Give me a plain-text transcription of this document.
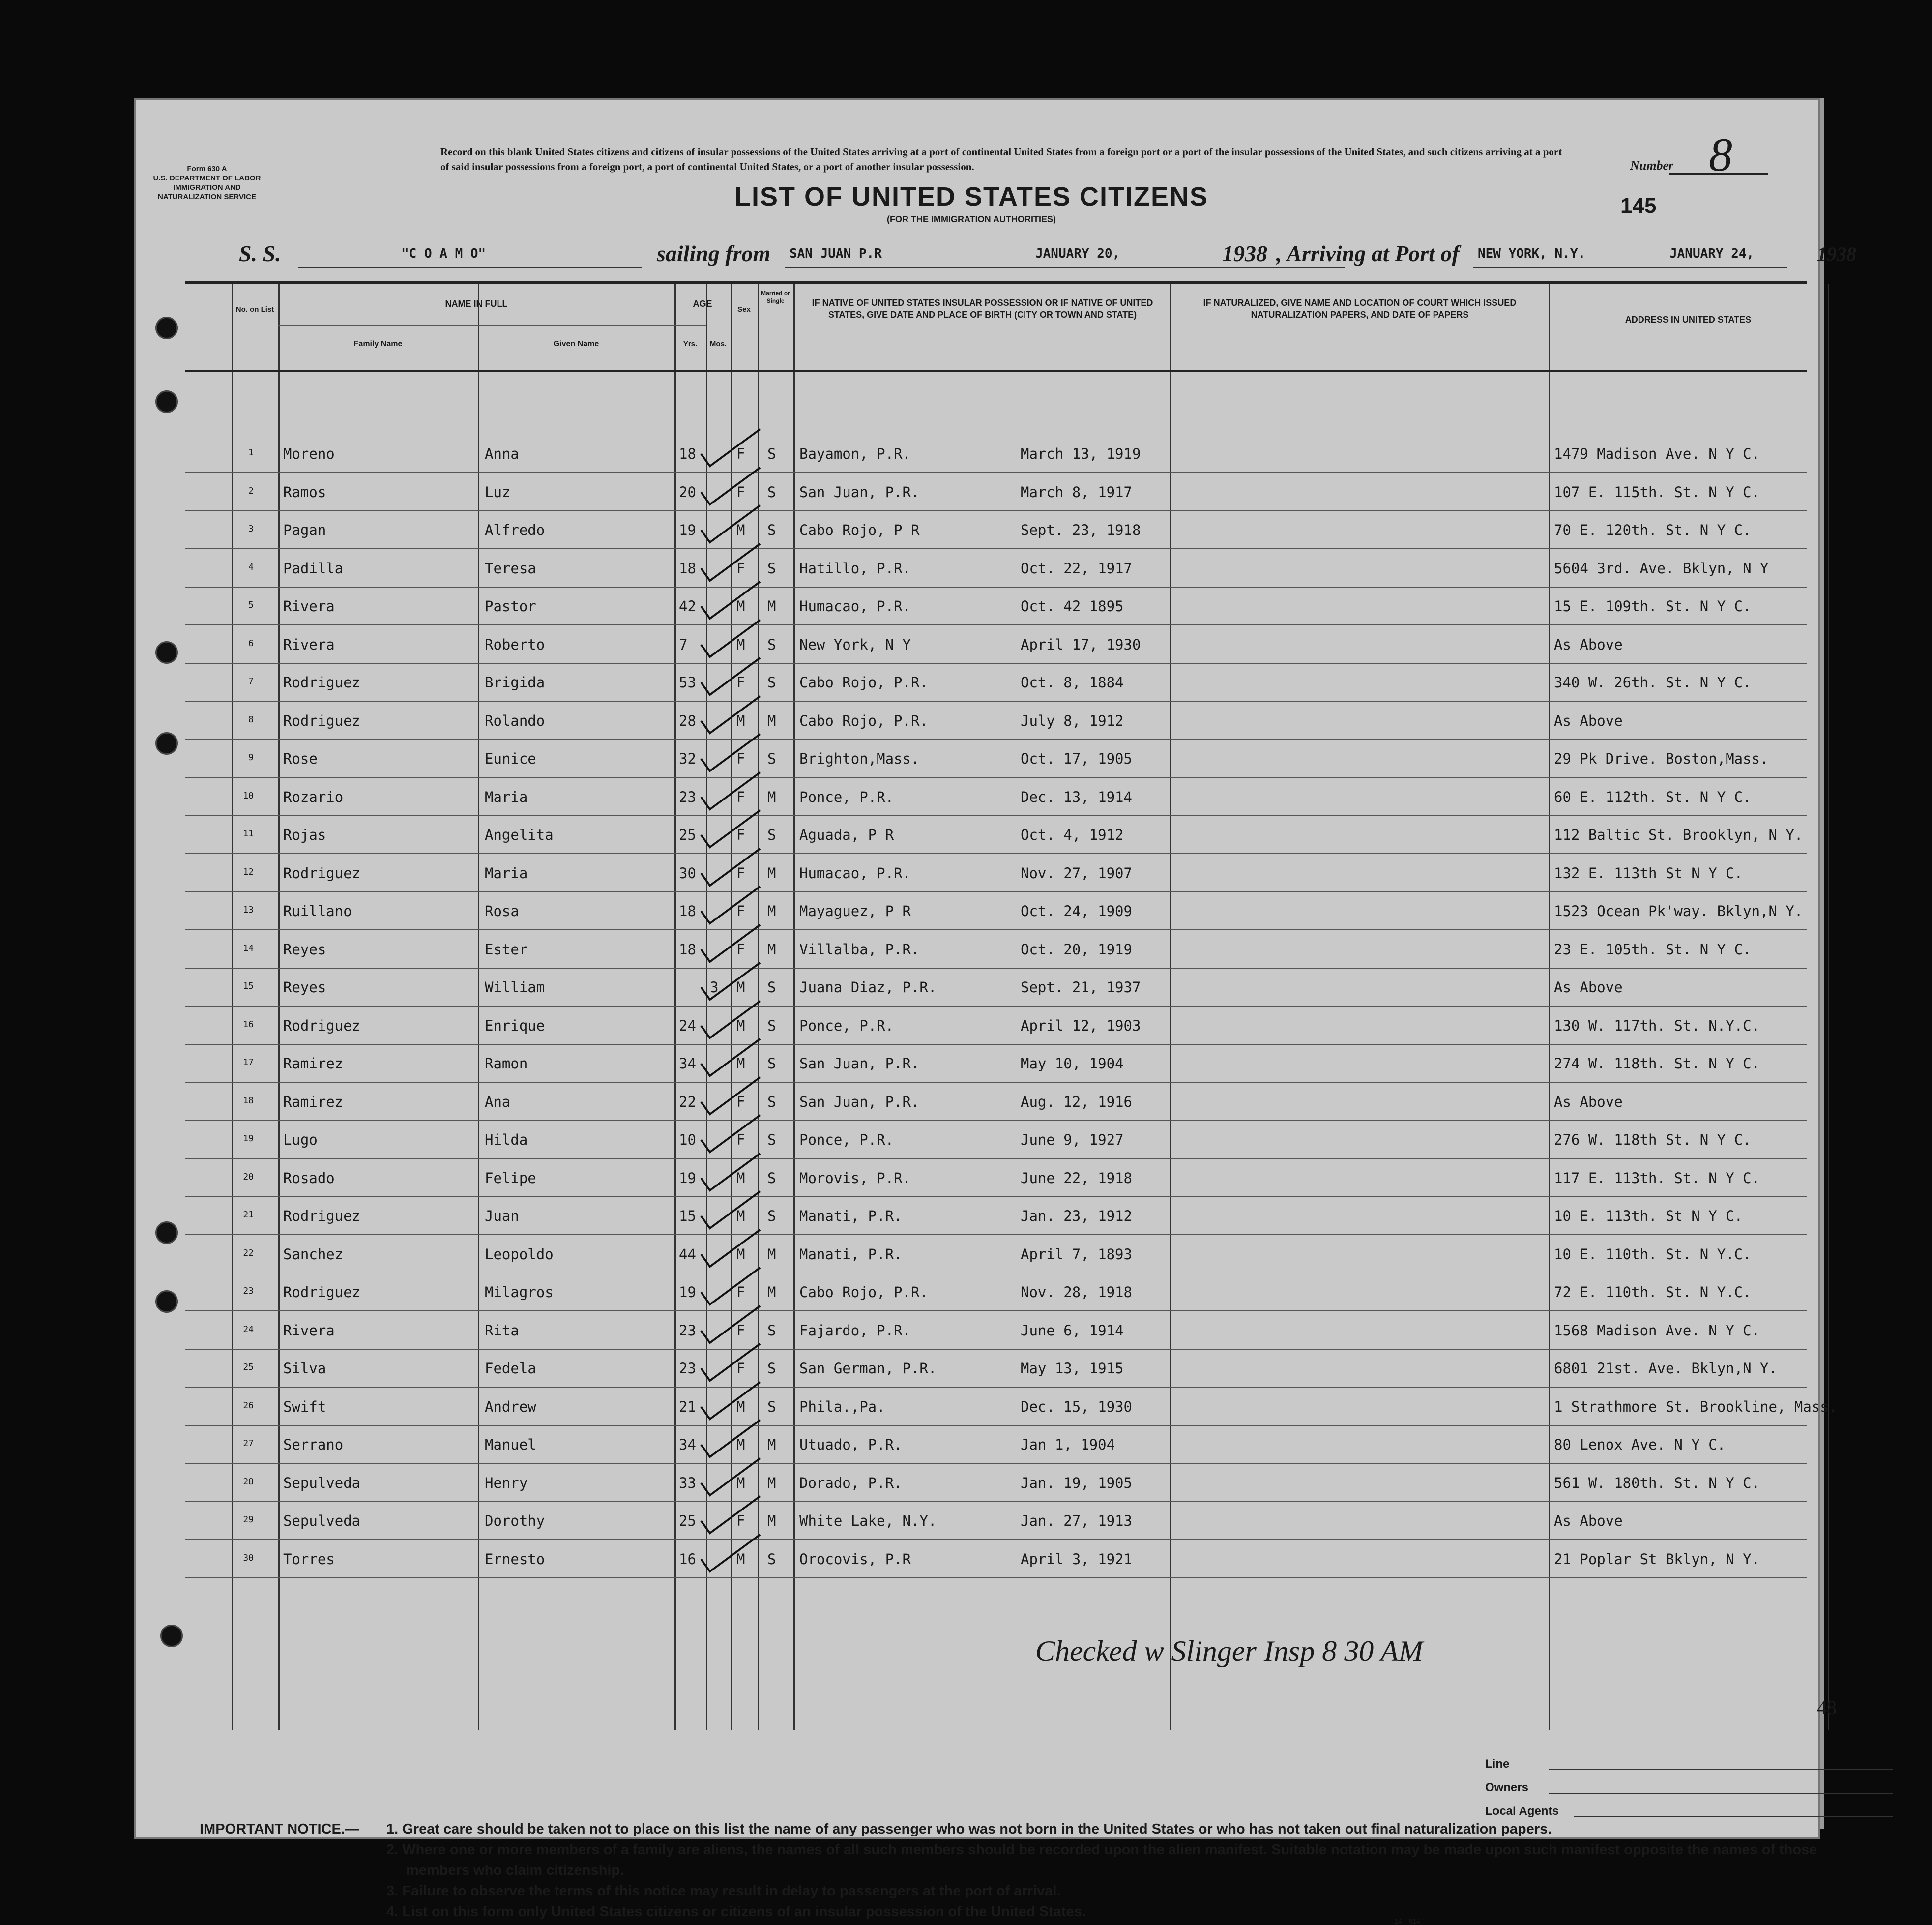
Form 630 A
U.S. DEPARTMENT OF LABOR
IMMIGRATION AND
NATURALIZATION SERVICE
Record on this blank United States citizens and citizens of insular possessions of the United States arriving at a port of continental United States from a foreign port or a port of the insular possessions of the United States, and such citizens arriving at a port of said insular possessions from a foreign port, a port of continental United States, or a port of another insular possession.	Number 8
LIST OF UNITED STATES CITIZENS
(FOR THE IMMIGRATION AUTHORITIES)
145
S. S.	"C O A M O"	sailing from SAN JUAN P.R	JANUARY 20,	1938 , Arriving at Port of NEW YORK, N.Y.	JANUARY 24,	1938
No. on List
NAME IN FULL
Family Name	Given Name
AGE
Yrs.	Mos.
Sex
Married or Single	IF NATIVE OF UNITED STATES INSULAR POSSESSION OR IF NATIVE OF UNITED STATES, GIVE DATE AND PLACE OF BIRTH (CITY OR TOWN AND STATE)
IF NATURALIZED, GIVE NAME AND LOCATION OF COURT WHICH ISSUED NATURALIZATION PAPERS, AND DATE OF PAPERS	ADDRESS IN UNITED STATES
1 Moreno	Anna	18	F S Bayamon, P.R.	March 13, 1919	1479 Madison Ave. N Y C.
2 Ramos	Luz	20	F S San Juan, P.R.	March 8, 1917	107 E. 115th. St. N Y C.
3 Pagan	Alfredo	19	M S Cabo Rojo, P R	Sept. 23, 1918	70 E. 120th. St. N Y C.
4 Padilla	Teresa	18	F S Hatillo, P.R.	Oct. 22, 1917	5604 3rd. Ave. Bklyn, N Y
5 Rivera	Pastor	42	M M Humacao, P.R.	Oct. 42 1895	15 E. 109th. St. N Y C.
6 Rivera	Roberto	7	M S New York, N Y	April 17, 1930	As Above
7 Rodriguez	Brigida	53	F S Cabo Rojo, P.R.	Oct. 8, 1884	340 W. 26th. St. N Y C.
8 Rodriguez	Rolando	28	M M Cabo Rojo, P.R.	July 8, 1912	As Above
9 Rose	Eunice	32	F S Brighton,Mass.	Oct. 17, 1905	29 Pk Drive. Boston,Mass.
10 Rozario	Maria	23	F M Ponce, P.R.	Dec. 13, 1914	60 E. 112th. St. N Y C.
11 Rojas	Angelita	25	F S Aguada, P R	Oct. 4, 1912	112 Baltic St. Brooklyn, N Y.
12 Rodriguez	Maria	30	F M Humacao, P.R.	Nov. 27, 1907	132 E. 113th St N Y C.
13 Ruillano	Rosa	18	F M Mayaguez, P R	Oct. 24, 1909	1523 Ocean Pk'way. Bklyn,N Y.
14 Reyes	Ester	18	F M Villalba, P.R.	Oct. 20, 1919	23 E. 105th. St. N Y C.
15 Reyes	William	3 M S Juana Diaz, P.R.	Sept. 21, 1937	As Above
16 Rodriguez	Enrique	24	M S Ponce, P.R.	April 12, 1903	130 W. 117th. St. N.Y.C.
17 Ramirez	Ramon	34	M S San Juan, P.R.	May 10, 1904	274 W. 118th. St. N Y C.
18 Ramirez	Ana	22	F S San Juan, P.R.	Aug. 12, 1916	As Above
19 Lugo	Hilda	10	F S Ponce, P.R.	June 9, 1927	276 W. 118th St. N Y C.
20 Rosado	Felipe	19	M S Morovis, P.R.	June 22, 1918	117 E. 113th. St. N Y C.
21 Rodriguez	Juan	15	M S Manati, P.R.	Jan. 23, 1912	10 E. 113th. St N Y C.
22 Sanchez	Leopoldo	44	M M Manati, P.R.	April 7, 1893	10 E. 110th. St. N Y.C.
23 Rodriguez	Milagros	19	F M Cabo Rojo, P.R.	Nov. 28, 1918	72 E. 110th. St. N Y.C.
24 Rivera	Rita	23	F S Fajardo, P.R.	June 6, 1914	1568 Madison Ave. N Y C.
25 Silva	Fedela	23	F S San German, P.R.	May 13, 1915	6801 21st. Ave. Bklyn,N Y.
26 Swift	Andrew	21	M S Phila.,Pa.	Dec. 15, 1930	1 Strathmore St. Brookline, Mass.
27 Serrano	Manuel	34	M M Utuado, P.R.	Jan 1, 1904	80 Lenox Ave. N Y C.
28 Sepulveda	Henry	33	M M Dorado, P.R.	Jan. 19, 1905	561 W. 180th. St. N Y C.
29 Sepulveda	Dorothy	25	F M White Lake, N.Y.	Jan. 27, 1913	As Above
30 Torres	Ernesto	16	M S Orocovis, P.R	April 3, 1921	21 Poplar St Bklyn, N Y.
Checked w Slinger Insp 8 30 AM
48
Line
Owners
Local Agents
IMPORTANT NOTICE.— 1. Great care should be taken not to place on this list the name of any passenger who was not born in the United States or who has not taken out final naturalization papers.
2. Where one or more members of a family are aliens, the names of all such members should be recorded upon the alien manifest. Suitable notation may be made upon such manifest opposite the names of those members who claim citizenship.
3. Failure to observe the terms of this notice may result in delay to passengers at the port of arrival.
4. List on this form only United States citizens or citizens of an insular possession of the United States.
14—814
